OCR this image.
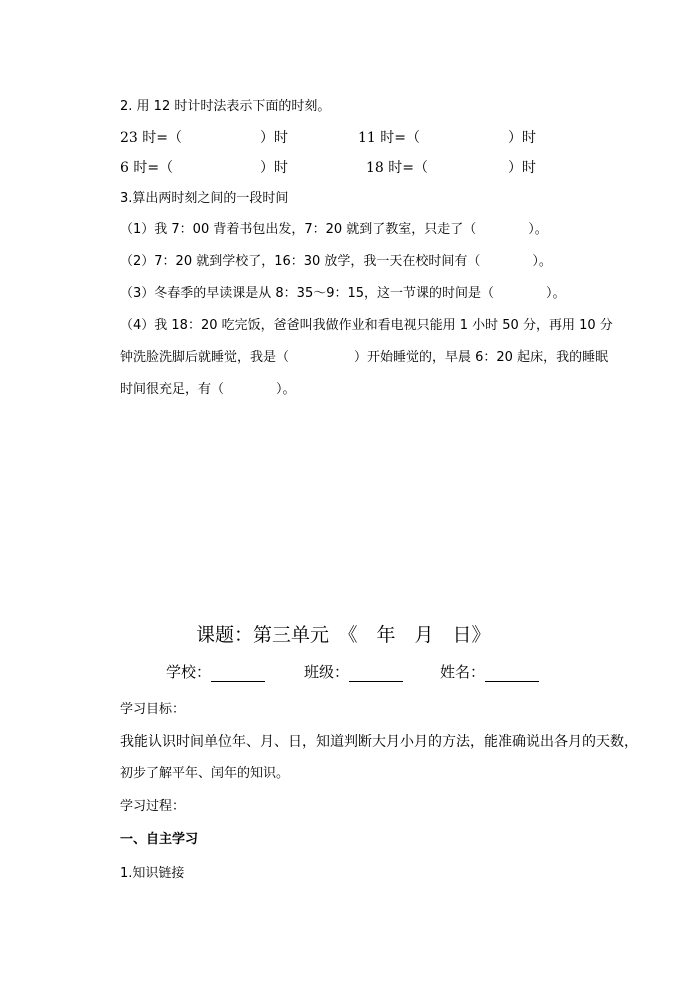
2. 用 12 时计时法表示下面的时刻。
23 时=（	）时	11 时=（	）时
6 时=（	）时	18 时=（	）时
3.算出两时刻之间的一段时间
（1）我 7：00 背着书包出发，7：20 就到了教室，只走了（　　　　）。
（2）7：20 就到学校了，16：30 放学，我一天在校时间有（　　　　）。
（3）冬春季的早读课是从 8：35～9：15，这一节课的时间是（　　　　）。
（4）我 18：20 吃完饭，爸爸叫我做作业和看电视只能用 1 小时 50 分，再用 10 分
钟洗脸洗脚后就睡觉，我是（　　　　　）开始睡觉的，早晨 6：20 起床，我的睡眠
时间很充足，有（　　　　）。
课题：第三单元　《　年　月　日》
学校：	班级：	姓名：
学习目标：
我能认识时间单位年、月、日，知道判断大月小月的方法，能准确说出各月的天数，
初步了解平年、闰年的知识。
学习过程：
一、自主学习
1.知识链接
